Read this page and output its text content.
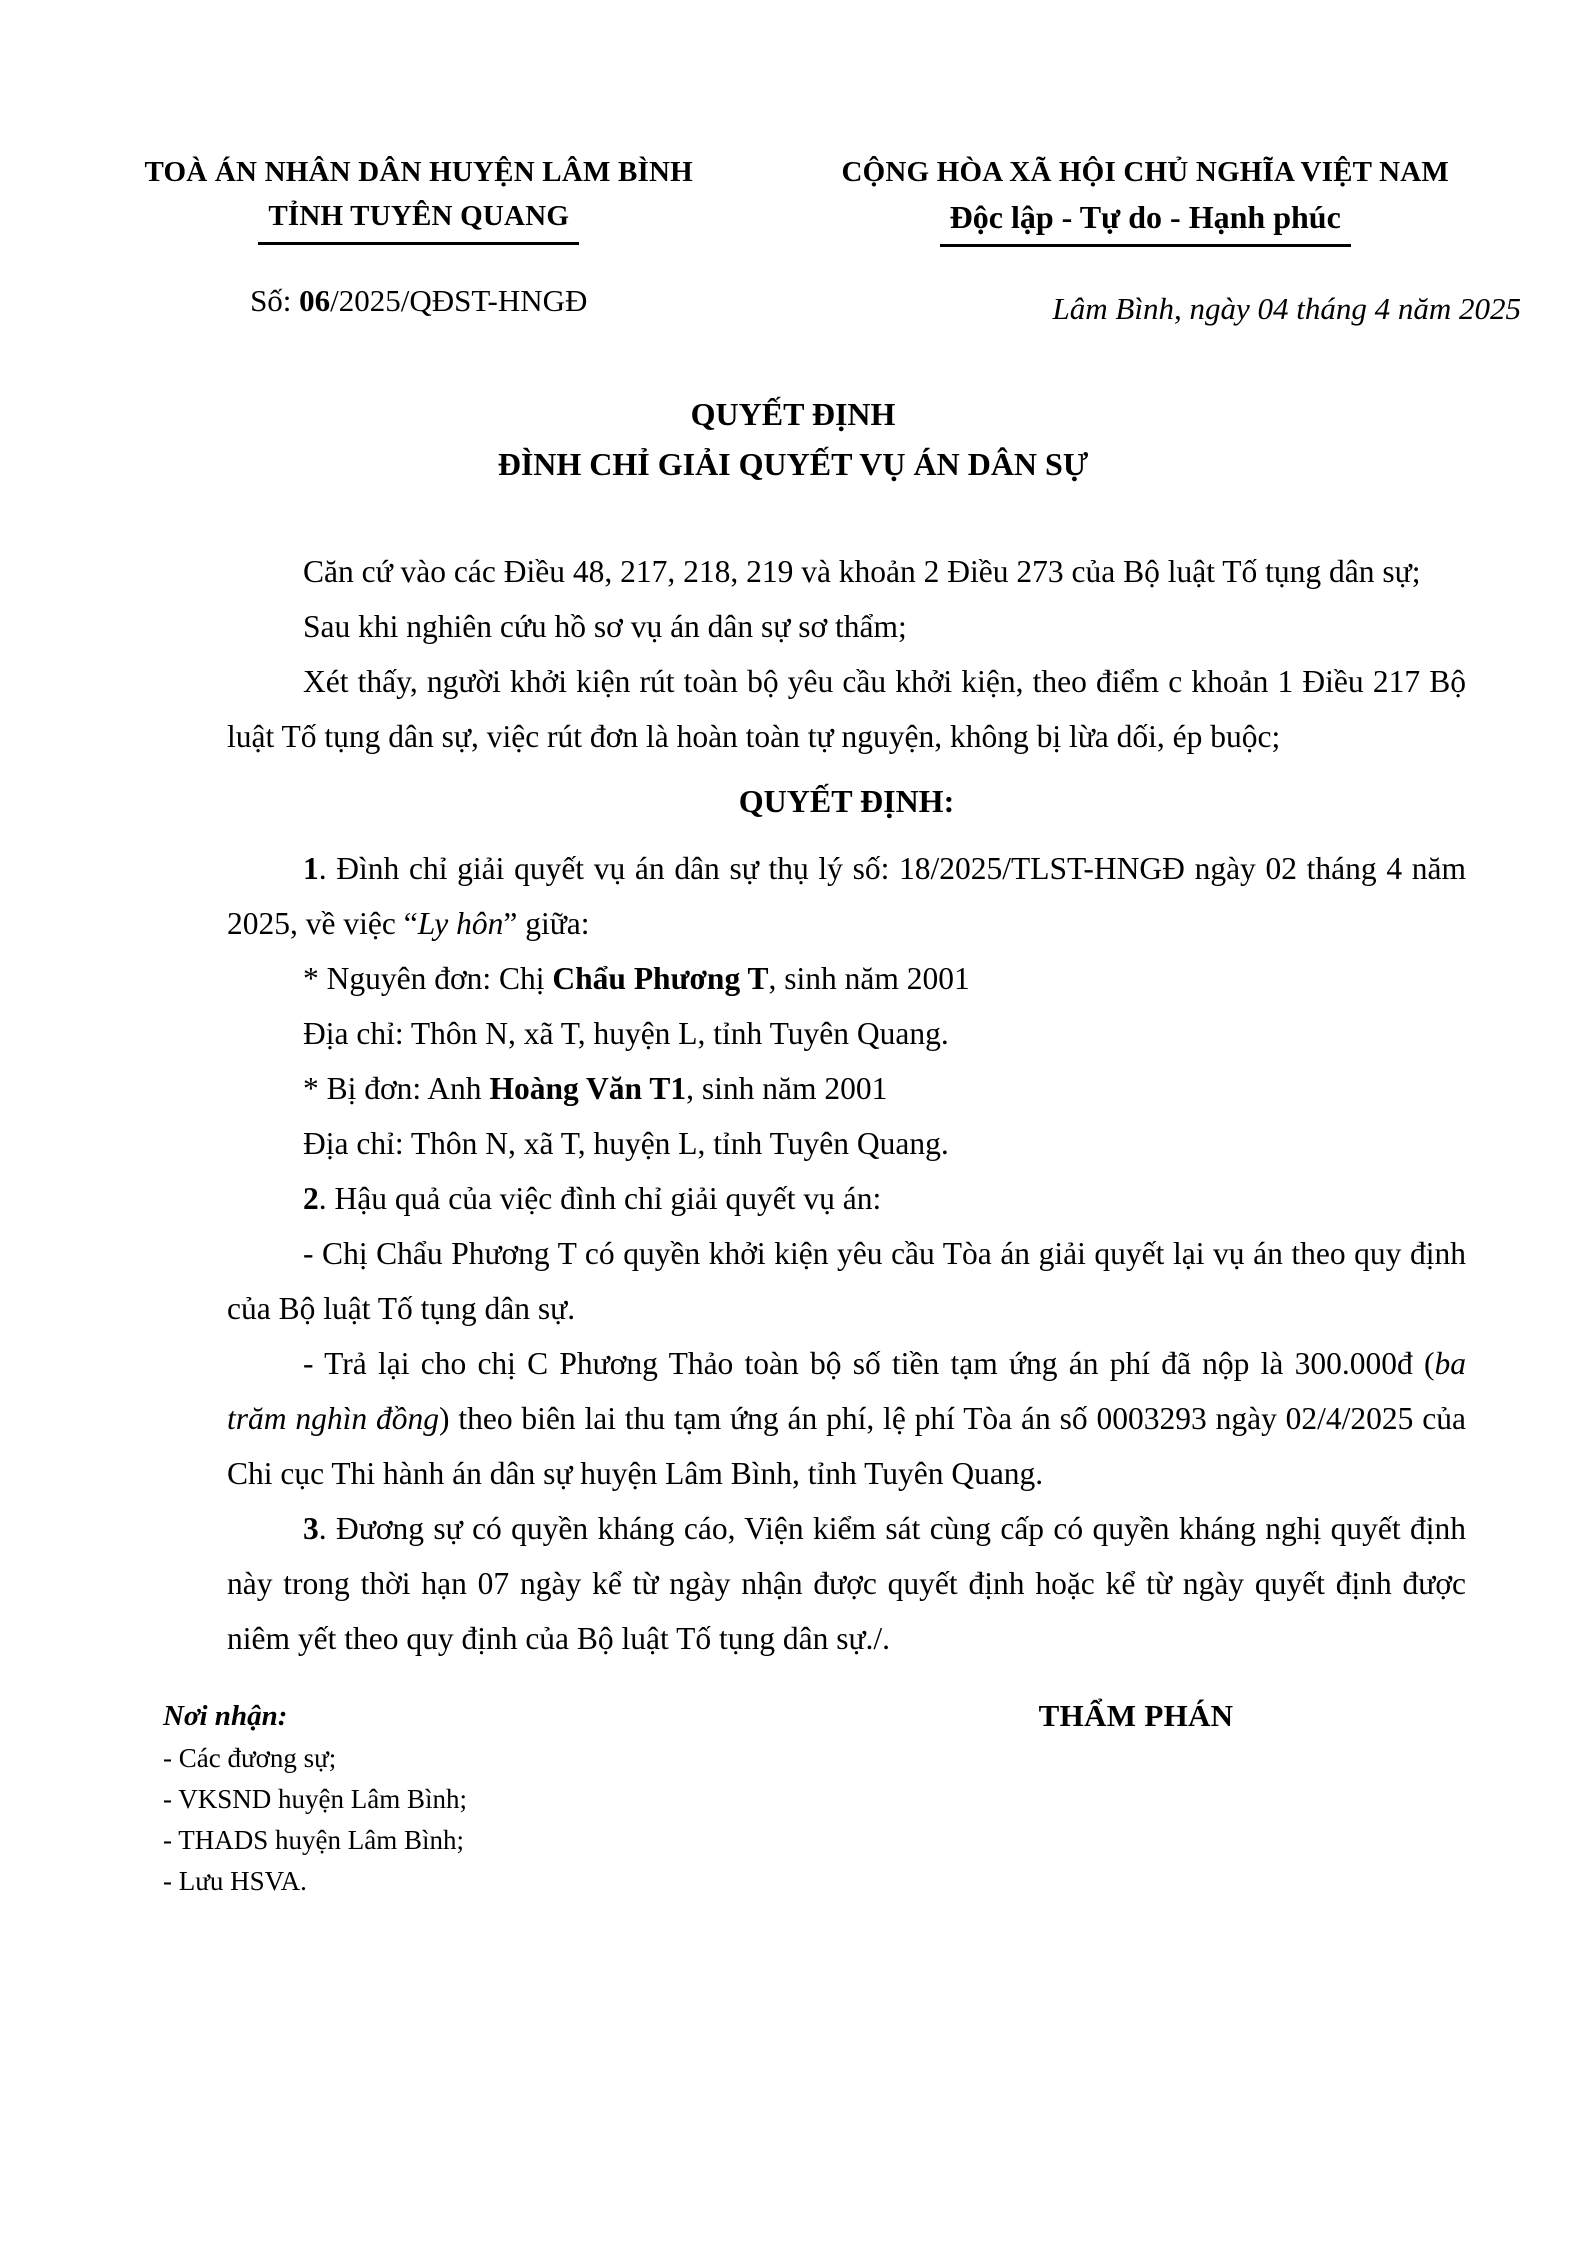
TOÀ ÁN NHÂN DÂN HUYỆN LÂM BÌNH
TỈNH TUYÊN QUANG
Số: 06/2025/QĐST-HNGĐ
CỘNG HÒA XÃ HỘI CHỦ NGHĨA VIỆT NAM
Độc lập - Tự do - Hạnh phúc
Lâm Bình, ngày 04 tháng 4 năm 2025
QUYẾT ĐỊNH
ĐÌNH CHỈ GIẢI QUYẾT VỤ ÁN DÂN SỰ

Căn cứ vào các Điều 48, 217, 218, 219 và khoản 2 Điều 273 của Bộ luật Tố tụng dân sự;

Sau khi nghiên cứu hồ sơ vụ án dân sự sơ thẩm;

Xét thấy, người khởi kiện rút toàn bộ yêu cầu khởi kiện, theo điểm c khoản 1 Điều 217 Bộ luật Tố tụng dân sự, việc rút đơn là hoàn toàn tự nguyện, không bị lừa dối, ép buộc;

QUYẾT ĐỊNH:

1. Đình chỉ giải quyết vụ án dân sự thụ lý số: 18/2025/TLST-HNGĐ ngày 02 tháng 4 năm 2025, về việc “Ly hôn” giữa:

* Nguyên đơn: Chị Chẩu Phương T, sinh năm 2001

Địa chỉ: Thôn N, xã T, huyện L, tỉnh Tuyên Quang.

* Bị đơn: Anh Hoàng Văn T1, sinh năm 2001

Địa chỉ: Thôn N, xã T, huyện L, tỉnh Tuyên Quang.

2. Hậu quả của việc đình chỉ giải quyết vụ án:

- Chị Chẩu Phương T có quyền khởi kiện yêu cầu Tòa án giải quyết lại vụ án theo quy định của Bộ luật Tố tụng dân sự.

- Trả lại cho chị C Phương Thảo toàn bộ số tiền tạm ứng án phí đã nộp là 300.000đ (ba trăm nghìn đồng) theo biên lai thu tạm ứng án phí, lệ phí Tòa án số 0003293 ngày 02/4/2025 của Chi cục Thi hành án dân sự huyện Lâm Bình, tỉnh Tuyên Quang.

3. Đương sự có quyền kháng cáo, Viện kiểm sát cùng cấp có quyền kháng nghị quyết định này trong thời hạn 07 ngày kể từ ngày nhận được quyết định hoặc kể từ ngày quyết định được niêm yết theo quy định của Bộ luật Tố tụng dân sự./.

Nơi nhận:
- Các đương sự;
- VKSND huyện Lâm Bình;
- THADS huyện Lâm Bình;
- Lưu HSVA.
THẨM PHÁN
